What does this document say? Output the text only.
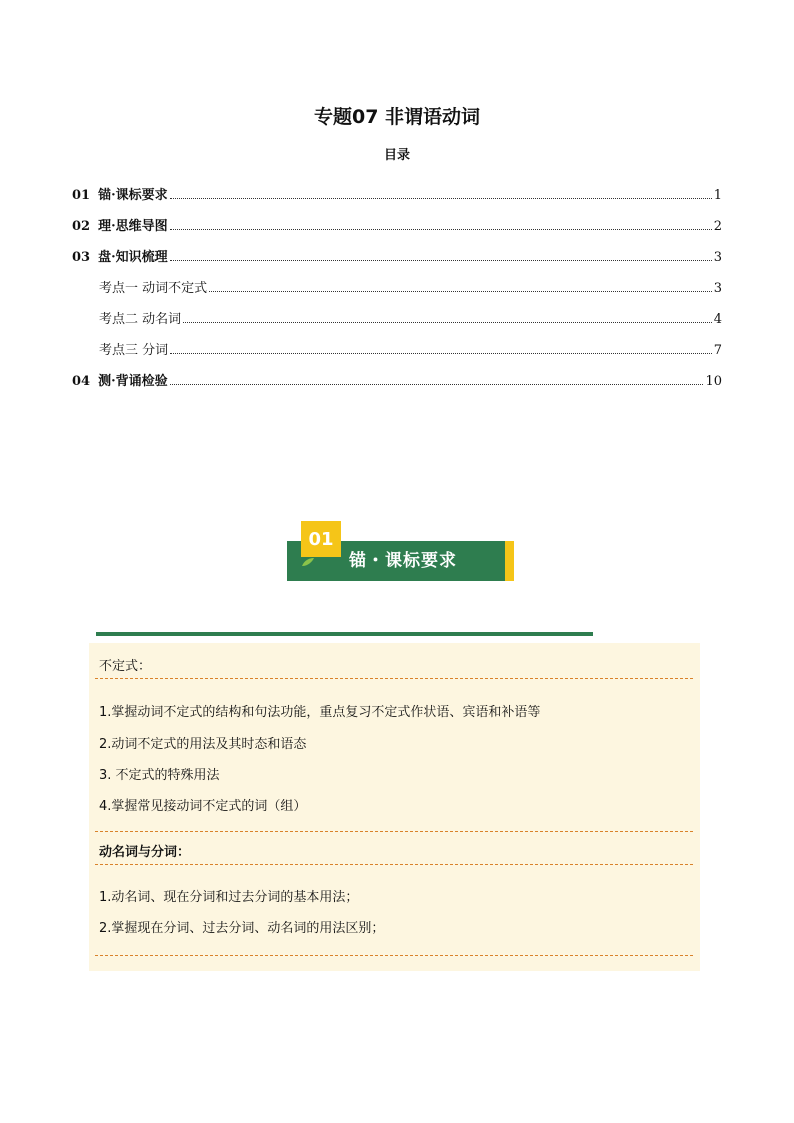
专题07 非谓语动词
目录
01 锚·课标要求	1
02 理·思维导图	2
03 盘·知识梳理	3
考点一 动词不定式	3
考点二 动名词	4
考点三 分词	7
04 测·背诵检验	10
01
锚・课标要求
不定式：
1.掌握动词不定式的结构和句法功能，重点复习不定式作状语、宾语和补语等
2.动词不定式的用法及其时态和语态
3. 不定式的特殊用法
4.掌握常见接动词不定式的词（组）
动名词与分词：
1.动名词、现在分词和过去分词的基本用法；
2.掌握现在分词、过去分词、动名词的用法区别；
